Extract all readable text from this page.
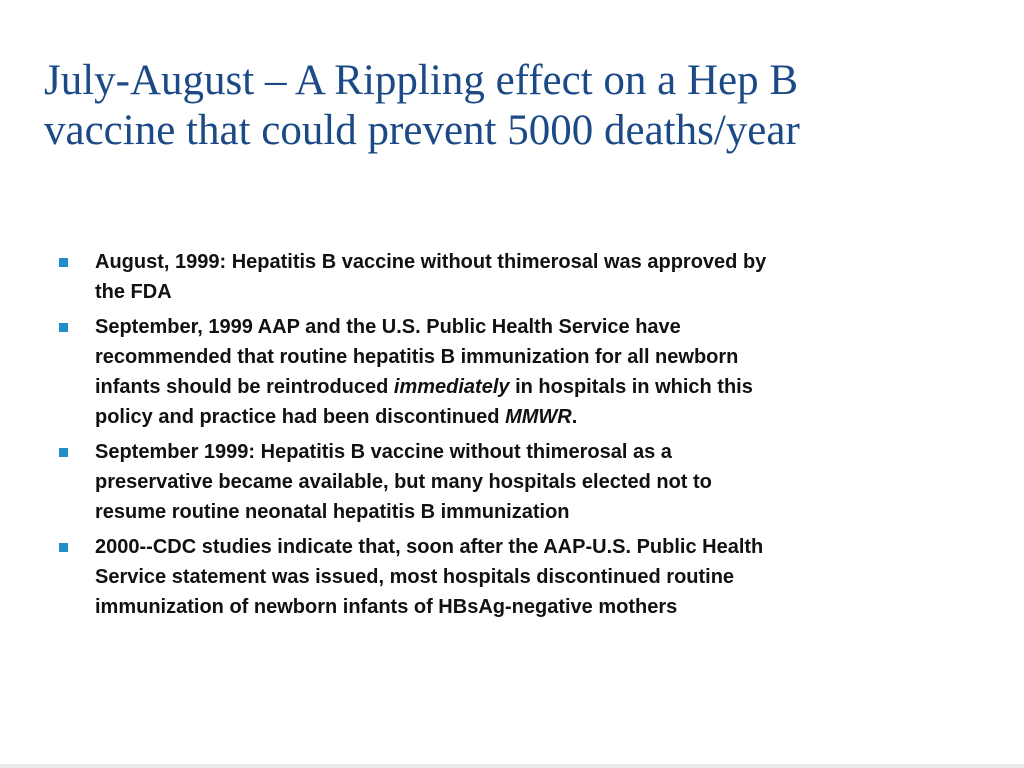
July-August – A Rippling effect on a Hep B
vaccine that could prevent 5000 deaths/year
August, 1999: Hepatitis B vaccine without thimerosal was approved by
the FDA
September, 1999 AAP and the U.S. Public Health Service have
recommended that routine hepatitis B immunization for all newborn
infants should be reintroduced immediately in hospitals in which this
policy and practice had been discontinued MMWR.
September 1999: Hepatitis B vaccine without thimerosal as a
preservative became available, but many hospitals elected not to
resume routine neonatal hepatitis B immunization
2000--CDC studies indicate that, soon after the AAP-U.S. Public Health
Service statement was issued, most hospitals discontinued routine
immunization of newborn infants of HBsAg-negative mothers
